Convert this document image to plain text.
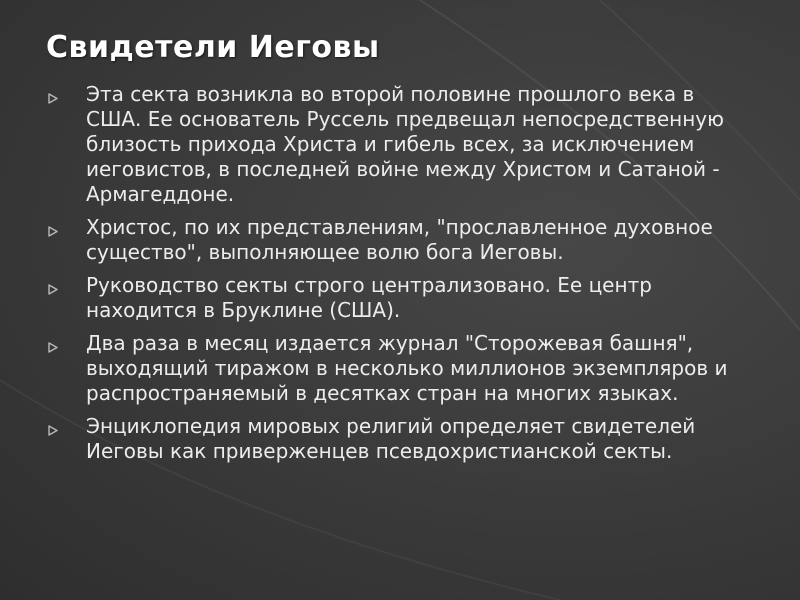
Свидетели Иеговы
Эта секта возникла во второй половине прошлого века в США. Ее основатель Руссель предвещал непосредственную близость прихода Христа и гибель всех, за исключением иеговистов, в последней войне между Христом и Сатаной - Армагеддоне.
Христос, по их представлениям, "прославленное духовное существо", выполняющее волю бога Иеговы.
Руководство секты строго централизовано. Ее центр находится в Бруклине (США).
Два раза в месяц издается журнал "Сторожевая башня", выходящий тиражом в несколько миллионов экземпляров и распространяемый в десятках стран на многих языках.
Энциклопедия мировых религий определяет свидетелей Иеговы как приверженцев псевдохристианской секты.
